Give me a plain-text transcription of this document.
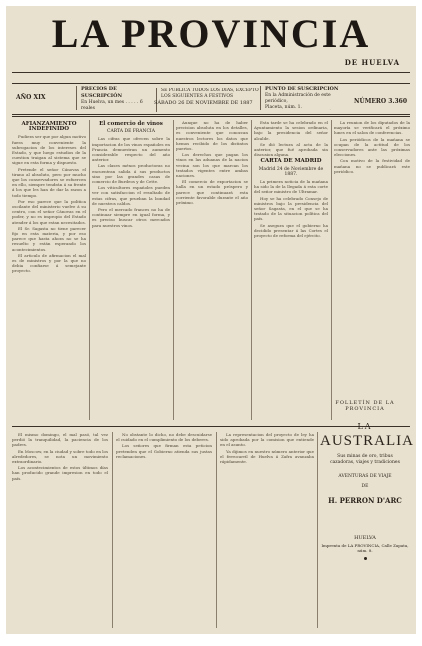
LA PROVINCIA
DE HUELVA
PRECIOS DE SUSCRIPCIÓN
En Huelva, un mes . . . . . 6 reales

SE PUBLICA TODOS LOS DÍAS, EXCEPTO LOS SIGUIENTES A FESTIVOS
PUNTO DE SUSCRIPCIÓN
En la Administración de este periódico,
Placeta, núm. 1.

AÑO XIX
SÁBADO 26 DE NOVIEMBRE DE 1887	NÚMERO 3.360
AFIANZAMIENTO INDEFINIDO

Pudiera ser que por algun motivo fuera muy conveniente la subrogacion de los intereses del Estado, y que luego estudios de la cuestion traigan al sistema que se sigue en esta forma y dispuesto.

Pretende el señor Cánovas el tirano al absoluto, pero por mucho que los conservadores se esfuercen en ello, siempre tendrán á su frente á los que les han de dar la razon a todo tiempo.

Por eso parece que la politica oscilante del ministerio vuelve á su centro, con el señor Cánovas en el poder, y no es impropio del Estado atender á los que estan necesitados.

El Sr. Sagasta no tiene parecer fijo en esta materia, y por eso parece que hasta ahora no se ha resuelto y están esperando los acontecimientos.

El articulo de afirmacion el mal es de ministros y por la que no debia confiarse á semejante proyecto.

El comercio de vinos
CARTA DE FRANCIA

Las cifras que ofrecen sobre la importacion de los vinos españoles en Francia demuestran un aumento considerable respecto del año anterior.

Las clases ménos productoras no encuentran salida á sus productos sino por las grandes casas de comercio de Burdeos y de Cette.

Los viticultores españoles pueden ver con satisfaccion el resultado de estas cifras, que prueban la bondad de nuestros caldos.

Pero el mercado frances no ha de continuar siempre en igual forma, y es preciso buscar otros mercados para nuestros vinos.

Aunque no ha de haber precision absoluta en los detalles, es conveniente que conozcan nuestros lectores los datos que hemos recibido de los distintos puertos.

Los derechos que pagan los vinos en las aduanas de la nacion vecina son los que marcan los tratados vigentes entre ambas naciones.

El comercio de exportacion se halla en un estado próspero y parece que continuará esta corriente favorable durante el año próximo.

Esta tarde se ha celebrado en el Ayuntamiento la sesion ordinaria, bajo la presidencia del señor alcalde.

Se dió lectura al acta de la anterior, que fué aprobada sin discusion alguna.

CARTA DE MADRID
Madrid 24 de Noviembre de 1887.

La primera noticia de la mañana ha sido la de la llegada á esta corte del señor ministro de Ultramar.

Hoy se ha celebrado Consejo de ministros bajo la presidencia del señor Sagasta, en el que se ha tratado de la situacion política del país.

Se asegura que el gobierno ha decidido presentar á las Cortes el proyecto de reforma del ejército.

La reunion de los diputados de la mayoría se verificará el próximo lunes en el salon de conferencias.

Los periódicos de la mañana se ocupan de la actitud de los conservadores ante las próximas elecciones.

Con motivo de la festividad de mañana no se publicará este periódico.

El mismo domingo, el mal pasó, tal vez perdió la tranquilidad, la paciencia de los padres.

En Moscow, en la ciudad y sobre todo en los alrededores, se nota un movimiento extraordinario.

Los acontecimientos de estos últimos días han producido grande impresion en todo el país.

No obstante lo dicho, no debe descuidarse el cuidado en el cumplimiento de los deberes.

Los señores que firman esta peticion pretenden que el Gobierno atienda sus justas reclamaciones.

La representacion del proyecto de ley ha sido aprobada por la comision que entiende en el asunto.

Ya dijimos en nuestro número anterior que el ferrocarril de Huelva á Zafra avanzaba rápidamente.

FOLLETÍN DE LA PROVINCIA
LA
AUSTRALIA
Sus minas de oro, tribus
cazadoras, viajes y tradiciones
AVENTURAS DE VIAJE
DE
H. PERRON D'ARC
HUELVA
Imprenta de LA PROVINCIA, Calle Zapata, núm. 8.
